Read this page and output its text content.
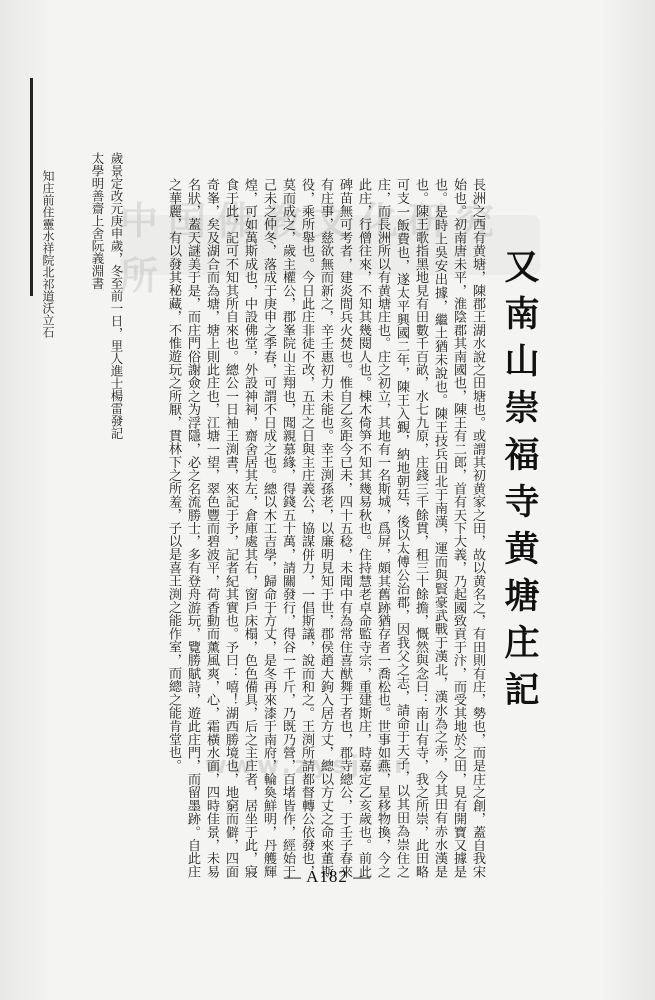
中国佛教文化研究所
www.zysj.cn
又南山崇福寺黄塘庄記
長洲之西有黄塘，陳郡王湖水說之田塘也。或謂其初黄家之田，故以黄名之，有田則有庄，勢也，而是庄之創，蓋自我宋始也。初南唐未平，淮陰郡其南國也，陳王有二郎，首有天下大義，乃起國致貢于汴，而受其地於之田，見有開寶又據是也。是時上吳安出據，繼土猶未說也。陳王技兵田北于南漢，運而與賢豪武戰于漢北，漢水為之赤，今其田有赤水漢是也。陳王歌指黑地見有田數千百畝，水七九原，庄錢三千餘貫，租三十餘擔，慨然與念曰：南山有寺，我之所崇，此田略可支一飯費也，遂太平興國二年，陳王入覲，納地朝廷，後以太傅公治郡，因我父之志，請命于天子，以其田為崇住之庄，而長洲所以有黄塘庄也。庄之初立，其地有一名斯城，爲屏，頗其舊跡猶存者一喬松也。世事如燕，星移物換，今之此庄，行僧往來，不知其幾閱人也。棟木倚笋不知其幾易秋也。住持慧老卓命監寺宗，重建斯庄，時嘉定乙亥歲也。前此碑苗無可考者，建炎間兵火焚也。惟自乙亥距今已未，四十五稔，未聞中有為常住喜猷舞于者也，郡寺總公，于壬子春來有庄事，慈欲無而新之，辛壬惠初力未能也。幸王渕孫老，以廉明見知于世，郡侯趙大鉤入居方丈，總以方丈之命來董斯役，乘所舉也。今日此庄非徒不改，五庄之日與主庄義公，協謀併力，一倡斯議，說而和之。王渕所請都督轉公依發也，莫而成之，歲主權公，郡峯院山主翔也，聞親慕緣，得錢五十萬，請關發行，得谷一千斤，乃既乃營，百堵皆作，經始于己未之仲冬，落成于庚申之季春，可謂不日成之也。總以木工吉學，歸命于方丈，是冬再來漆于南府，輪奐鮮明，丹艧輝煌，可如萬斯成也，中設佛堂，外設神祠，齋舍居其左，倉庫處其右，窗戶床榻，色色備具，后之主庄者，居坐于此，寢食于此，記可不知其所自來也。總公一日袖王渕書，來記于予，記者紀其實也。予曰：嘻！湖西勝境也，地窮而僻，四面奇峯，矣及湖合而為塘，塘上則此庄也，江塘一望，翠色豐而碧波平，荷香動而薰風爽，心，霜橫水面，四時佳景，未易名狀，蓋天謎美于是，而庄門俗謝僉之为浮隱，必之名流勝士，多有登舟游玩，覽勝賦詩，遊此庄門，而留墨跡。自此庄之華麗，有以發其秘藏，不惟遊玩之所厭，貫林下之所羞，子以是喜王渕之能作室，而總之能肯堂也。
歲景定改元庚申歲，冬至前一日，里人進士楊雷發記
太學明善齋上舍阮義淵書
知庄前住靈水祥院北祁道沃立石
— A182 —
